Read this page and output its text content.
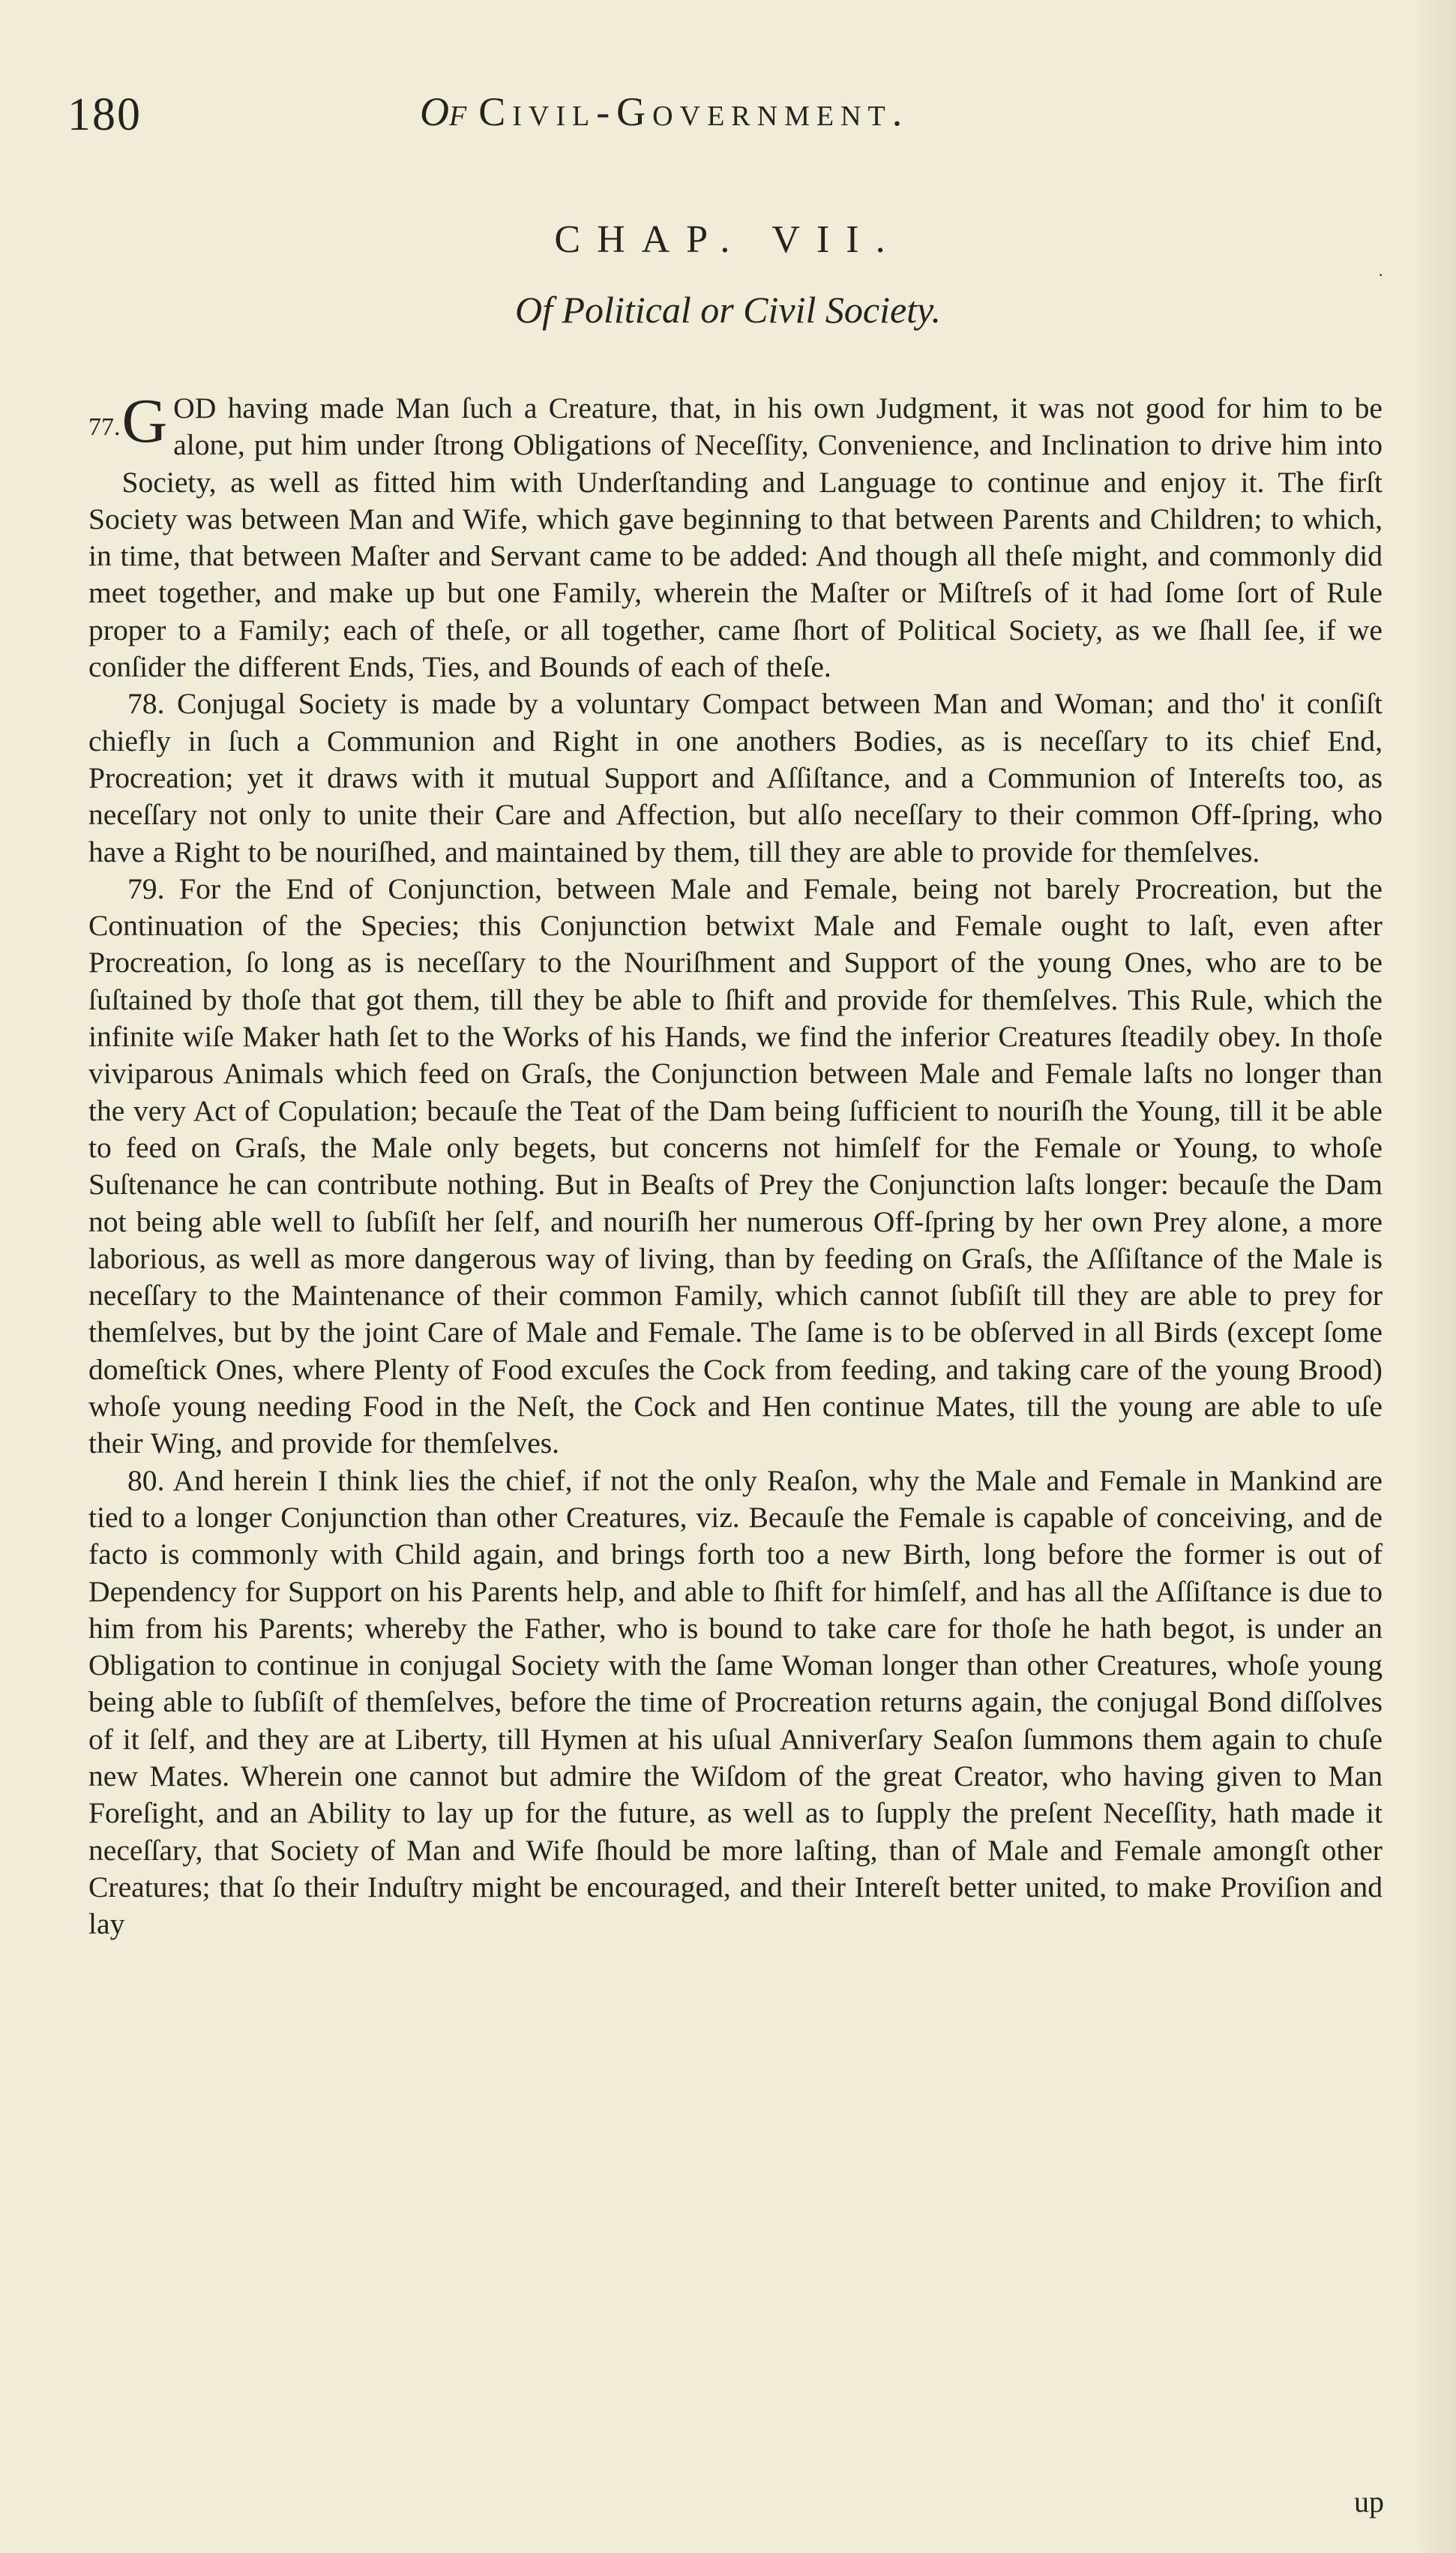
180	Of Civil-Government.
CHAP. VII.
·
Of Political or Civil Society.

77. G OD having made Man ſuch a Creature, that, in his own Judgment, it was not good for him to be alone, put him under ſtrong Obligations of Neceſſity, Convenience, and Inclination to drive him into Society, as well as fitted him with Underſtanding and Language to continue and enjoy it. The firſt Society was between Man and Wife, which gave beginning to that between Parents and Children; to which, in time, that between Maſter and Servant came to be added: And though all theſe might, and commonly did meet together, and make up but one Family, wherein the Maſter or Miſtreſs of it had ſome ſort of Rule proper to a Family; each of theſe, or all together, came ſhort of Political Society, as we ſhall ſee, if we conſider the different Ends, Ties, and Bounds of each of theſe.

78. Conjugal Society is made by a voluntary Compact between Man and Woman; and tho' it conſiſt chiefly in ſuch a Communion and Right in one anothers Bodies, as is neceſſary to its chief End, Procreation; yet it draws with it mutual Support and Aſſiſtance, and a Communion of Intereſts too, as neceſſary not only to unite their Care and Affection, but alſo neceſſary to their common Off-ſpring, who have a Right to be nouriſhed, and maintained by them, till they are able to provide for themſelves.

79. For the End of Conjunction, between Male and Female, being not barely Procreation, but the Continuation of the Species; this Conjunction betwixt Male and Female ought to laſt, even after Procreation, ſo long as is neceſſary to the Nouriſhment and Support of the young Ones, who are to be ſuſtained by thoſe that got them, till they be able to ſhift and provide for themſelves. This Rule, which the infinite wiſe Maker hath ſet to the Works of his Hands, we find the inferior Creatures ſteadily obey. In thoſe viviparous Animals which feed on Graſs, the Conjunction between Male and Female laſts no longer than the very Act of Copulation; becauſe the Teat of the Dam being ſufficient to nouriſh the Young, till it be able to feed on Graſs, the Male only begets, but concerns not himſelf for the Female or Young, to whoſe Suſtenance he can contribute nothing. But in Beaſts of Prey the Conjunction laſts longer: becauſe the Dam not being able well to ſubſiſt her ſelf, and nouriſh her numerous Off-ſpring by her own Prey alone, a more laborious, as well as more dangerous way of living, than by feeding on Graſs, the Aſſiſtance of the Male is neceſſary to the Maintenance of their common Family, which cannot ſubſiſt till they are able to prey for themſelves, but by the joint Care of Male and Female. The ſame is to be obſerved in all Birds (except ſome domeſtick Ones, where Plenty of Food excuſes the Cock from feeding, and taking care of the young Brood) whoſe young needing Food in the Neſt, the Cock and Hen continue Mates, till the young are able to uſe their Wing, and provide for themſelves.

80. And herein I think lies the chief, if not the only Reaſon, why the Male and Female in Mankind are tied to a longer Conjunction than other Creatures, viz. Becauſe the Female is capable of conceiving, and de facto is commonly with Child again, and brings forth too a new Birth, long before the former is out of Dependency for Support on his Parents help, and able to ſhift for himſelf, and has all the Aſſiſtance is due to him from his Parents; whereby the Father, who is bound to take care for thoſe he hath begot, is under an Obligation to continue in conjugal Society with the ſame Woman longer than other Creatures, whoſe young being able to ſubſiſt of themſelves, before the time of Procreation returns again, the conjugal Bond diſſolves of it ſelf, and they are at Liberty, till Hymen at his uſual Anniverſary Seaſon ſummons them again to chuſe new Mates. Wherein one cannot but admire the Wiſdom of the great Creator, who having given to Man Foreſight, and an Ability to lay up for the future, as well as to ſupply the preſent Neceſſity, hath made it neceſſary, that Society of Man and Wife ſhould be more laſting, than of Male and Female amongſt other Creatures; that ſo their Induſtry might be encouraged, and their Intereſt better united, to make Proviſion and lay

up
